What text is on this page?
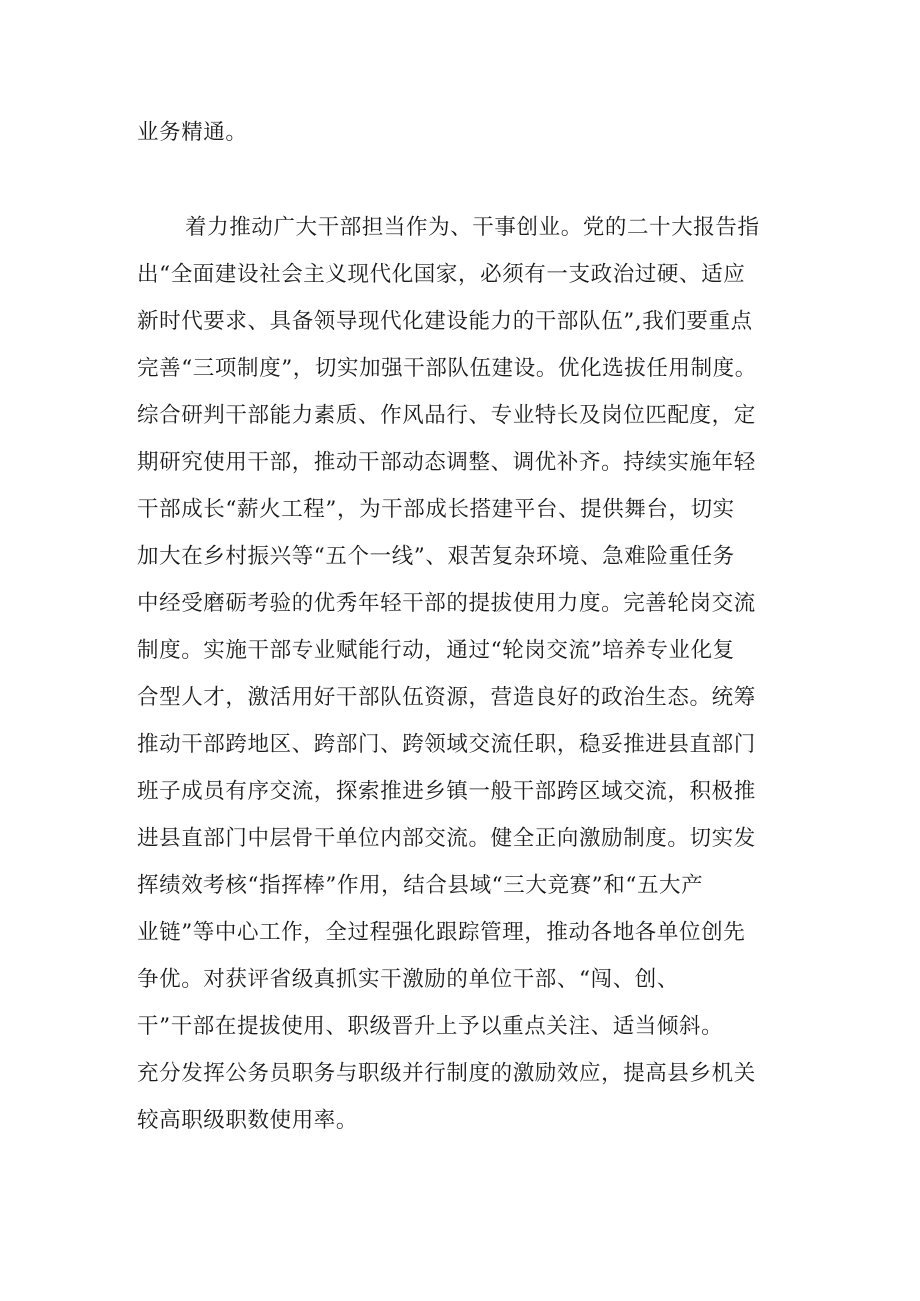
业务精通。
着力推动广大干部担当作为、干事创业。党的二十大报告指
出“全面建设社会主义现代化国家，必须有一支政治过硬、适应
新时代要求、具备领导现代化建设能力的干部队伍”,我们要重点
完善“三项制度”，切实加强干部队伍建设。优化选拔任用制度。
综合研判干部能力素质、作风品行、专业特长及岗位匹配度，定
期研究使用干部，推动干部动态调整、调优补齐。持续实施年轻
干部成长“薪火工程”，为干部成长搭建平台、提供舞台，切实
加大在乡村振兴等“五个一线”、艰苦复杂环境、急难险重任务
中经受磨砺考验的优秀年轻干部的提拔使用力度。完善轮岗交流
制度。实施干部专业赋能行动，通过“轮岗交流”培养专业化复
合型人才，激活用好干部队伍资源，营造良好的政治生态。统筹
推动干部跨地区、跨部门、跨领域交流任职，稳妥推进县直部门
班子成员有序交流，探索推进乡镇一般干部跨区域交流，积极推
进县直部门中层骨干单位内部交流。健全正向激励制度。切实发
挥绩效考核“指挥棒”作用，结合县域“三大竞赛”和“五大产
业链”等中心工作，全过程强化跟踪管理，推动各地各单位创先
争优。对获评省级真抓实干激励的单位干部、“闯、创、
干”干部在提拔使用、职级晋升上予以重点关注、适当倾斜。
充分发挥公务员职务与职级并行制度的激励效应，提高县乡机关
较高职级职数使用率。
